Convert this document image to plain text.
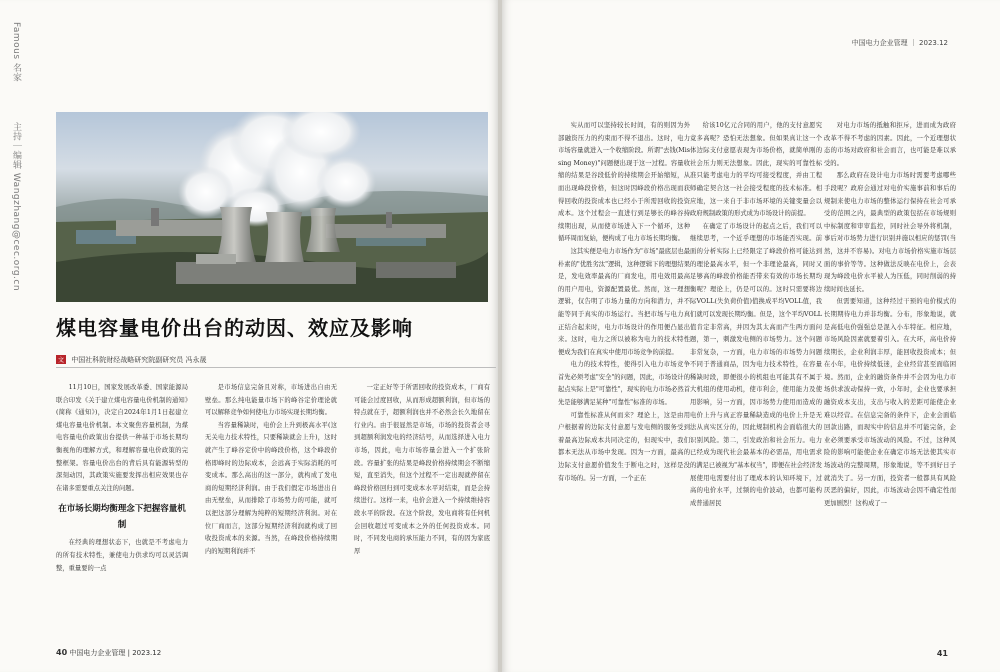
Famous 名家
主持｜编辑 Wangzhang@cec.org.cn
煤电容量电价出台的动因、效应及影响
文 中国社科院财经战略研究院副研究员 冯永晟

11月10日，国家发展改革委、国家能源局联合印发《关于建立煤电容量电价机制的通知》(简称《通知》)，决定自2024年1月1日起建立煤电容量电价机制。本文聚焦容量机制，为煤电容量电价政策出台提供一种基于市场长期均衡视角的理解方式，和理解容量电价政策的完整框架。容量电价出台的背后具有能源转型的深刻动因，其政策实施要发挥出相应效果也存在诸多需要重点关注的问题。

在市场长期均衡理念下把握容量机制

在经典的理想状态下，也就是不考虑电力的所有技术特性，兼使电力供求均可以灵活调整，重量要的一点

是市场信息完备且对称，市场进出自由无壁垒。那么纯电能量市场下的峰谷定价理论就可以解释竞争如何使电力市场实现长期均衡。

当容量稀缺时，电价会上升到极高水平(这无关电力技术特性，只要稀缺就会上升)，这时就产生了峰谷定价中的峰段价格，这个峰段价格即峰时的边际成本，会远高于实际消耗的可变成本。那么高出的这一部分，就构成了发电商的短期经济利润。由于我们假定市场进出自由无壁垒，从而排除了市场势力的可能，就可以把这部分理解为纯粹的短期经济利润。对在位厂商而言，这部分短期经济利润就构成了回收投资成本的来源。当然，在峰段价格持续期内的短期利润并不

一定正好等于所需回收的投资成本，厂商有可能会过度回收，从而形成超额利润，但市场的特点就在于，超额利润也并不必然会长久地留在行业内。由于很显然是市场，市场的投资者会寻到超额利润发电的经济结号，从而选择进入电力市场，因此，电力市场容量会进入一个扩张阶段。容量扩张的结果是峰段价格持续期会不断缩短，直至消失，但这个过程不一定出现就停留在峰段价格回归到可变成本水平对结束，而是会持续进行。这样一来，电价会进入一个持续维持容段水平的阶段。在这个阶段，发电商将有任何机会回收超过可变成本之外的任何投资成本。同时，不同发电商的承压能力不同，有的因为家底厚

40 中国电力企业管理 | 2023.12
中国电力企业管理 ｜ 2023.12

实从而可以坚持较长时间，有的则因为外部融资压力的约束而不得不退出。这时，电力市场容量就进入一个收缩阶段。所谓"去钱(Missing Money)"问题便出现于这一过程。容量收缩的结果是谷段低价的持续期会开始缩短，从而出现峰段价格，但这时因峰段价格出现而获得回收的投资成本也已经小于所需回收的投资成本。这个过程会一直进行到足够长的峰谷持续期出现，从而使市场进入下一个循环，这种循环周而复始，便构成了电力市场长期均衡。

这其实便是电力市场作为"市场"最底层也最朴素的"优胜劣汰"逻辑，这种逻辑下的理想结果是，发电效率最高的厂商发电，用电效用最高的用户用电，资源配置最优。然而，这一理想逻辑，仅告明了市场力量的方向和潜力，并不能等同于真实的市场运行。当把市场与电力真正结合起来时，电力市场设计的作用便凸显出来。这时，电力之所以被称为电力的技术特性便成为我们在真实中使用市场竞争的前提。

电力的技术特性，使得引入电力市场竞争首先必须考虑"安全"的问题，因此，市场设计的起点实际上是"可靠性"，现实的电力市场必然首先是能够满足某种"可靠性"标准的市场。

可靠性标准从何而来？理论上，这是由用户根据着的边际支付意愿与发电侧的服务受到着最高边际成本共同决定的，但现实中，我们都本无法从市场中发现。因为一方面，最高的边际支付意愿价值发生于断电之时，这样是没有市场的。另一方面，一个正在

给该10亿元合同的用户，他的支付意愿究竟多高呢？恐怕无法想象。但如果真让这一个体边际支付意愿表现为市场价格，就简单刚的社会压力则无法想象。因此，现实的可靠性标准只能考虑电力的平均可接受程度，并由工程师确定契合这一社会接受程度的技术标准。相应地，这一来自于非市场环境的关键变量会以政府规制政策的形式成为市场设计的前提。

在确定了市场设计的起点之后，我们可以继续思考，一个近乎理想的市场能否实现。前面的分析实际上已经限定了峰段价格可能达到的理论最高水平，但一个非理论最高，同时又足够高的峰段价格能否带来有效的市场长期均衡呢？理论上，仍是可以的。这时只需要将边际VOLL(失负荷价值)值换成平均VOLL值，我们就可以发现长期均衡。但是，这个平均VOLL值肯定非常高，并因为其太高而产生两方面问题，第一，刺激发电侧的市场势力。这个问题非常复杂，一方面，电力市场的市场势力问题不同于普通商品，因为电力技术特性，在容量稀缺时段，即便很小的机组也可能其有不属于大机组的使用动机，使市利会，使用能力及使用影响，另一方面，因市场势力使用而造成的电价上升与真正容量稀缺造成的电价上升是无法从真实区分的，因此规制机构会面临很大的识别风险。第二，引发政治和社会压力。电力已经成为现代社会最基本的必需品，用电需求的满足已被视为"基本权当"，即便在社会经济发展使用电需要付出了理成本的认知环境下，过高的电价水平，过频的电价波动，也都可能构成普通居民

对电力市场的抵触和拒斥，进而成为政府改革不得不考虑的因素。因此，一个近理想状态的市场对政府和社会而言，也可能是难以承受的。

那么政府在设计电力市场时需要考虑哪些手段呢？政府会通过对电价实施事前和事后的规制来使电力市场的整体运行保持在社会可承受的范围之内，最典型的政策包括在市场规则中标制度和审审监控，同时社会导外将机制，事后对市场势力进行识别并施以相应的惩罚(当然，这并不容易)。对电力市场价格实施市场层面的事价等等。这种做法反映在电价上，会表现为峰段电价水平被人为压低，同时削弱的持续时间也延长。

但需要知道，这种经过干预的电价模式的长期期待电力并非均衡。分布，形象地说，就是高低电价强强总是混入小车特征。相应地，市场风险因素就要着引入。在大环，高电价持续期长，企业利润丰厚，能回收投资成本；但在小年，电价持续低迷，企业经营甚至面临困境。然而，企业的融资条件并不会因为电力市场供求波动保持一致，小年时，企业也要承担融资成本支出，支出与收入的差距可能使企业难以经营。在信息完备的条件下，企业会面临回款出路，而现实中的信息并不可能完备，企业必须要承受市场波动的风险。不过，这种风险的影响可能使企业在确定市场无法使其实市场波动的完整周期，形象地说，等不到好日子就消失了。另一方面，投资者一般都具有风险厌恶的偏好，因此，市场波动会因不确定性而更加剧烈！这构成了一

41
